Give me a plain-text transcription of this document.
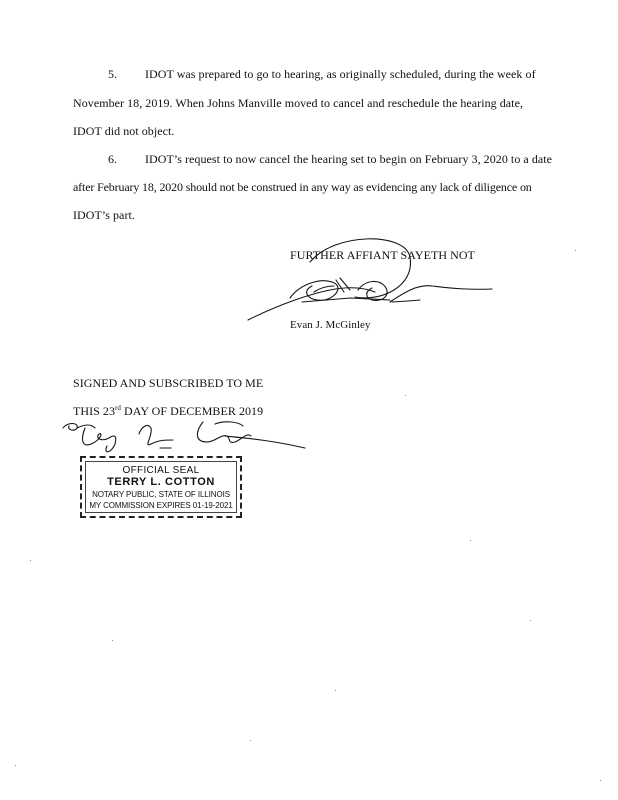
5. IDOT was prepared to go to hearing, as originally scheduled, during the week of
November 18, 2019. When Johns Manville moved to cancel and reschedule the hearing date,
IDOT did not object.
6. IDOT’s request to now cancel the hearing set to begin on February 3, 2020 to a date
after February 18, 2020 should not be construed in any way as evidencing any lack of diligence on
IDOT’s part.
FURTHER AFFIANT SAYETH NOT
Evan J. McGinley
SIGNED AND SUBSCRIBED TO ME
THIS 23rd DAY OF DECEMBER 2019
OFFICIAL SEAL
TERRY L. COTTON
NOTARY PUBLIC, STATE OF ILLINOIS
MY COMMISSION EXPIRES 01-19-2021
